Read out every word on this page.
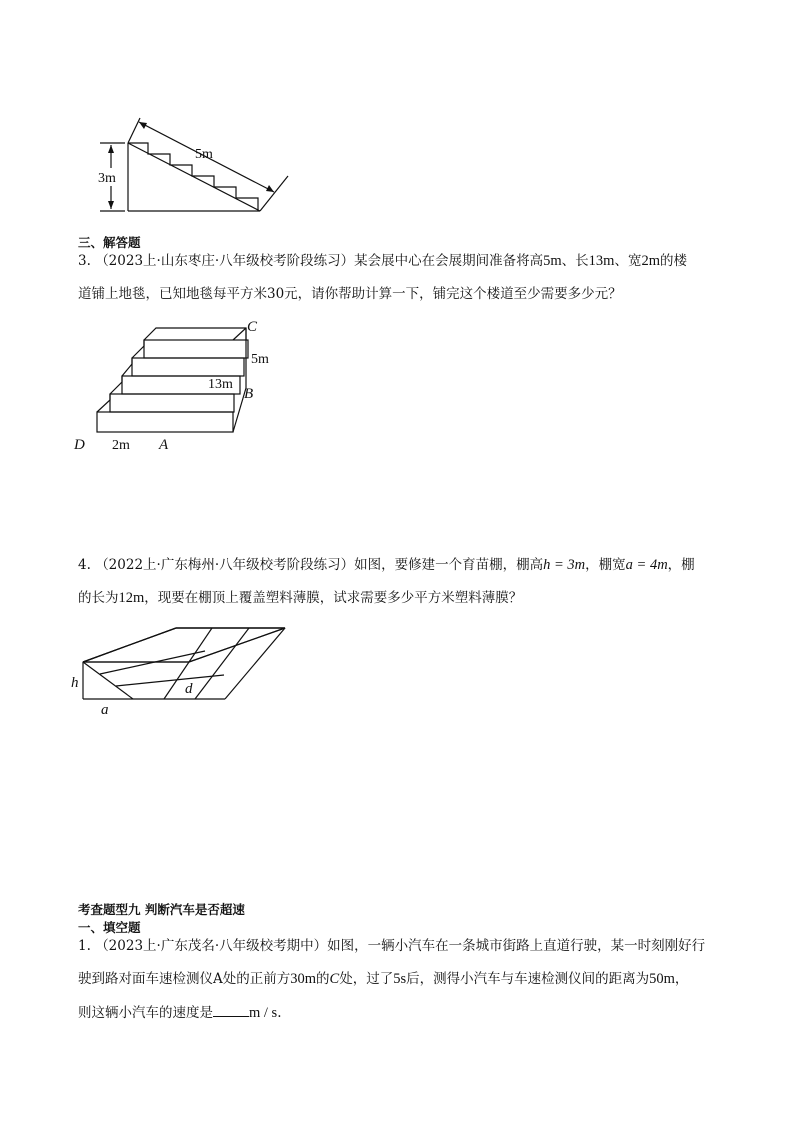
5m
3m
三、解答题
3. （2023上·山东枣庄·八年级校考阶段练习）某会展中心在会展期间准备将高5m、长13m、宽2m的楼
道铺上地毯，已知地毯每平方米30元，请你帮助计算一下，铺完这个楼道至少需要多少元？
C
5m
13m
B
D 2m A
4. （2022上·广东梅州·八年级校考阶段练习）如图，要修建一个育苗棚，棚高h = 3m，棚宽a = 4m，棚
的长为12m，现要在棚顶上覆盖塑料薄膜，试求需要多少平方米塑料薄膜？
h
a
d
考查题型九 判断汽车是否超速
一、填空题
1. （2023上·广东茂名·八年级校考期中）如图，一辆小汽车在一条城市街路上直道行驶，某一时刻刚好行
驶到路对面车速检测仪A处的正前方30m的C处，过了5s后，测得小汽车与车速检测仪间的距离为50m，
则这辆小汽车的速度是 m / s.
